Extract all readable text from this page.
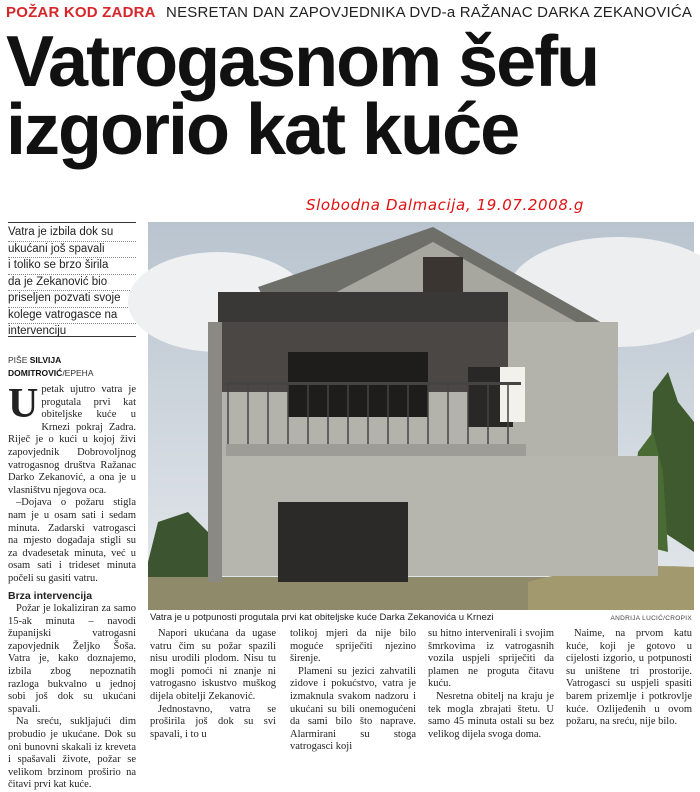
POŽAR KOD ZADRA NESRETAN DAN ZAPOVJEDNIKA DVD-a RAŽANAC DARKA ZEKANOVIĆA
Vatrogasnom šefu
izgorio kat kuće
Slobodna Dalmacija, 19.07.2008.g
Vatra je izbila dok su
ukućani još spavali
i toliko se brzo širila
da je Zekanović bio
priseljen pozvati svoje
kolege vatrogasce na
intervenciju
PIŠE SILVIJA
DOMITROVIĆ/EPEHA
U petak ujutro vatra je progutala prvi kat obiteljske kuće u Krnezi pokraj Zadra. Riječ je o kući u kojoj živi zapovjednik Dobrovoljnog vatrogasnog društva Ražanac Darko Zekanović, a ona je u vlasništvu njegova oca.

–Dojava o požaru stigla nam je u osam sati i sedam minuta. Zadarski vatrogasci na mjesto događaja stigli su za dvadesetak minuta, već u osam sati i trideset minuta počeli su gasiti vatru.

Brza intervencija

Požar je lokaliziran za samo 15-ak minuta – navodi županijski vatrogasni zapovjednik Željko Šoša. Vatra je, kako doznajemo, izbila zbog nepoznatih razloga bukvalno u jednoj sobi još dok su ukućani spavali.

Na sreću, sukljajući dim probudio je ukućane. Dok su oni bunovni skakali iz kreveta i spašavali živote, požar se velikom brzinom proširio na čitavi prvi kat kuće.

Vatra je u potpunosti progutala prvi kat obiteljske kuće Darka Zekanovića u Krnezi	ANDRIJA LUCIĆ/CROPIX

Napori ukućana da ugase vatru čim su požar spazili nisu urodili plodom. Nisu tu mogli pomoći ni znanje ni vatrogasno iskustvo muškog dijela obitelji Zekanović.

Jednostavno, vatra se proširila još dok su svi spavali, i to u

tolikoj mjeri da nije bilo moguće spriječiti njezino širenje.

Plameni su jezici zahvatili zidove i pokućstvo, vatra je izmaknula svakom nadzoru i ukućani su bili onemogućeni da sami bilo što naprave. Alarmirani su stoga vatrogasci koji

su hitno intervenirali i svojim šmrkovima iz vatrogasnih vozila uspjeli spriječiti da plamen ne proguta čitavu kuću.

Nesretna obitelj na kraju je tek mogla zbrajati štetu. U samo 45 minuta ostali su bez velikog dijela svoga doma.

Naime, na prvom katu kuće, koji je gotovo u cijelosti izgorio, u potpunosti su uništene tri prostorije. Vatrogasci su uspjeli spasiti barem prizemlje i potkrovlje kuće. Ozlijeđenih u ovom požaru, na sreću, nije bilo.
